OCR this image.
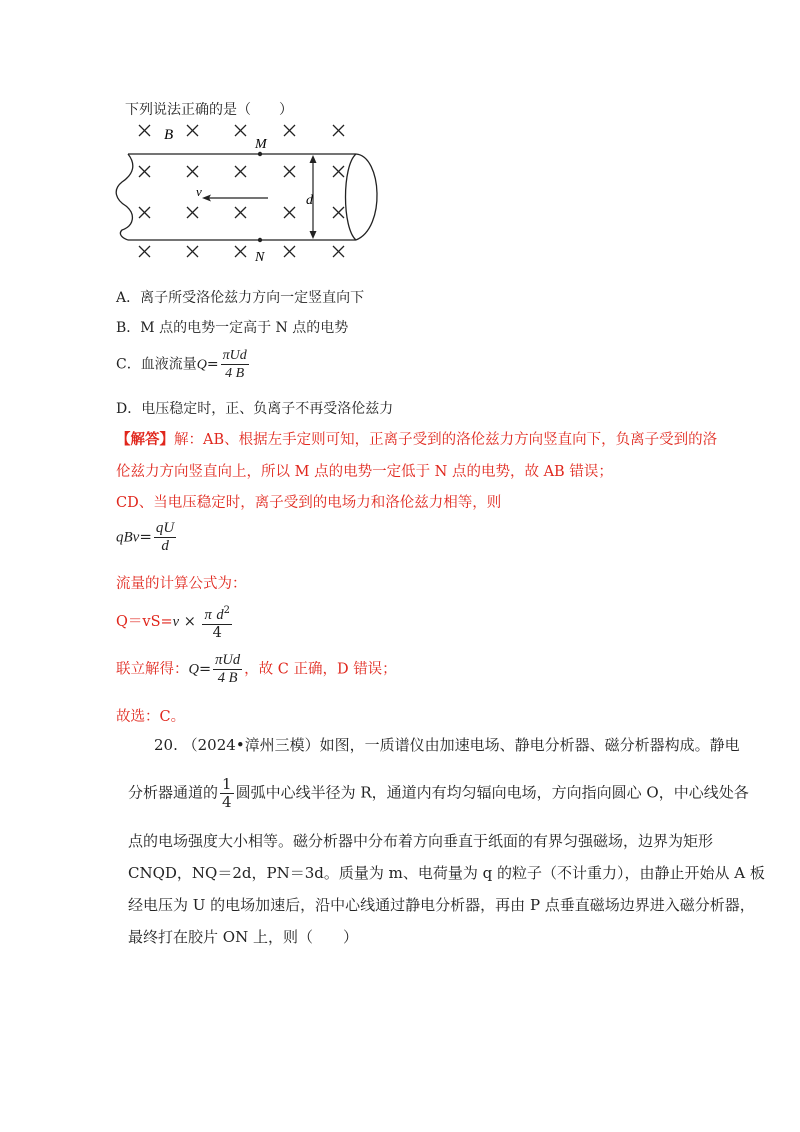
下列说法正确的是（　　）
B
M
N
v
d
A．离子所受洛伦兹力方向一定竖直向下
B．M 点的电势一定高于 N 点的电势
C．血液流量$Q= \frac{\text{πUd}}{4 B}$
D．电压稳定时，正、负离子不再受洛伦兹力
【解答】解：AB、根据左手定则可知，正离子受到的洛伦兹力方向竖直向下，负离子受到的洛
伦兹力方向竖直向上，所以 M 点的电势一定低于 N 点的电势，故 AB 错误；
CD、当电压稳定时，离子受到的电场力和洛伦兹力相等，则
$qBv= \frac{qU}{d}$
流量的计算公式为：
$Q=vS=v \times \frac{\pi d^2}{4}$
联立解得：$Q= \frac{\text{πUd}}{4 B}$ ，故 C 正确，D 错误；
故选：C。
20. （2024•漳州三模）如图，一质谱仪由加速电场、静电分析器、磁分析器构成。静电
分析器通道的 $\frac{1}{4}$ 圆弧中心线半径为 R，通道内有均匀辐向电场，方向指向圆心 O，中心线处各
点的电场强度大小相等。磁分析器中分布着方向垂直于纸面的有界匀强磁场，边界为矩形
CNQD，NQ＝2d，PN＝3d。质量为 m、电荷量为 q 的粒子（不计重力），由静止开始从 A 板
经电压为 U 的电场加速后，沿中心线通过静电分析器，再由 P 点垂直磁场边界进入磁分析器，
最终打在胶片 ON 上，则（　　）
